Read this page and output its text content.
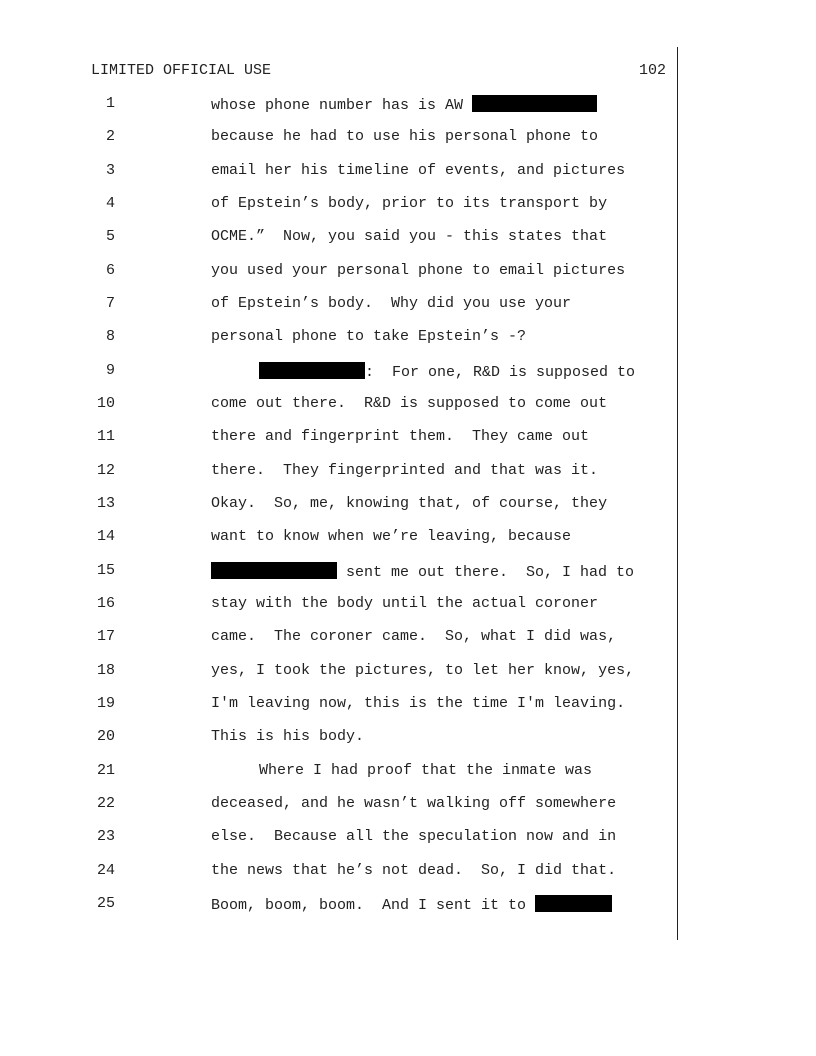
LIMITED OFFICIAL USE	102
1	whose phone number has is AW
2	because he had to use his personal phone to
3	email her his timeline of events, and pictures
4	of Epstein’s body, prior to its transport by
5	OCME.”  Now, you said you - this states that
6	you used your personal phone to email pictures
7	of Epstein’s body.  Why did you use your
8	personal phone to take Epstein’s -?
9	:  For one, R&D is supposed to
10	come out there.  R&D is supposed to come out
11	there and fingerprint them.  They came out
12	there.  They fingerprinted and that was it.
13	Okay.  So, me, knowing that, of course, they
14	want to know when we’re leaving, because
15	sent me out there.  So, I had to
16	stay with the body until the actual coroner
17	came.  The coroner came.  So, what I did was,
18	yes, I took the pictures, to let her know, yes,
19	I'm leaving now, this is the time I'm leaving.
20	This is his body.
21	Where I had proof that the inmate was
22	deceased, and he wasn’t walking off somewhere
23	else.  Because all the speculation now and in
24	the news that he’s not dead.  So, I did that.
25	Boom, boom, boom.  And I sent it to
